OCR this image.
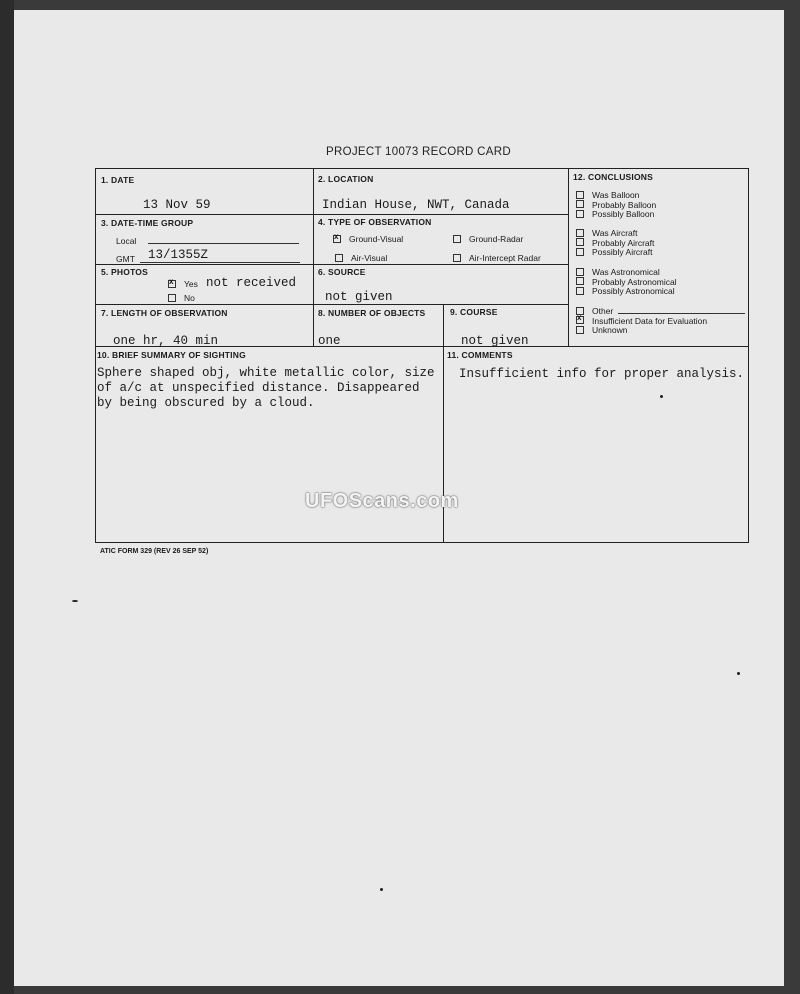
PROJECT 10073 RECORD CARD
1. DATE
13 Nov 59
2. LOCATION
Indian House, NWT, Canada
3. DATE-TIME GROUP
Local
GMT 13/1355Z
4. TYPE OF OBSERVATION
xGround-Visual	Ground-Radar
Air-Visual	Air-Intercept Radar
5. PHOTOS
xYes not received
No
6. SOURCE
not given
7. LENGTH OF OBSERVATION
one hr, 40 min
8. NUMBER OF OBJECTS
one
9. COURSE
not given
10. BRIEF SUMMARY OF SIGHTING
Sphere shaped obj, white metallic color, size
of a/c at unspecified distance. Disappeared
by being obscured by a cloud.
11. COMMENTS
Insufficient info for proper analysis.
12. CONCLUSIONS
Was Balloon
Probably Balloon
Possibly Balloon
Was Aircraft
Probably Aircraft
Possibly Aircraft
Was Astronomical
Probably Astronomical
Possibly Astronomical
Other
xInsufficient Data for Evaluation
Unknown
ATIC FORM 329 (REV 26 SEP 52)
UFOScans.com
